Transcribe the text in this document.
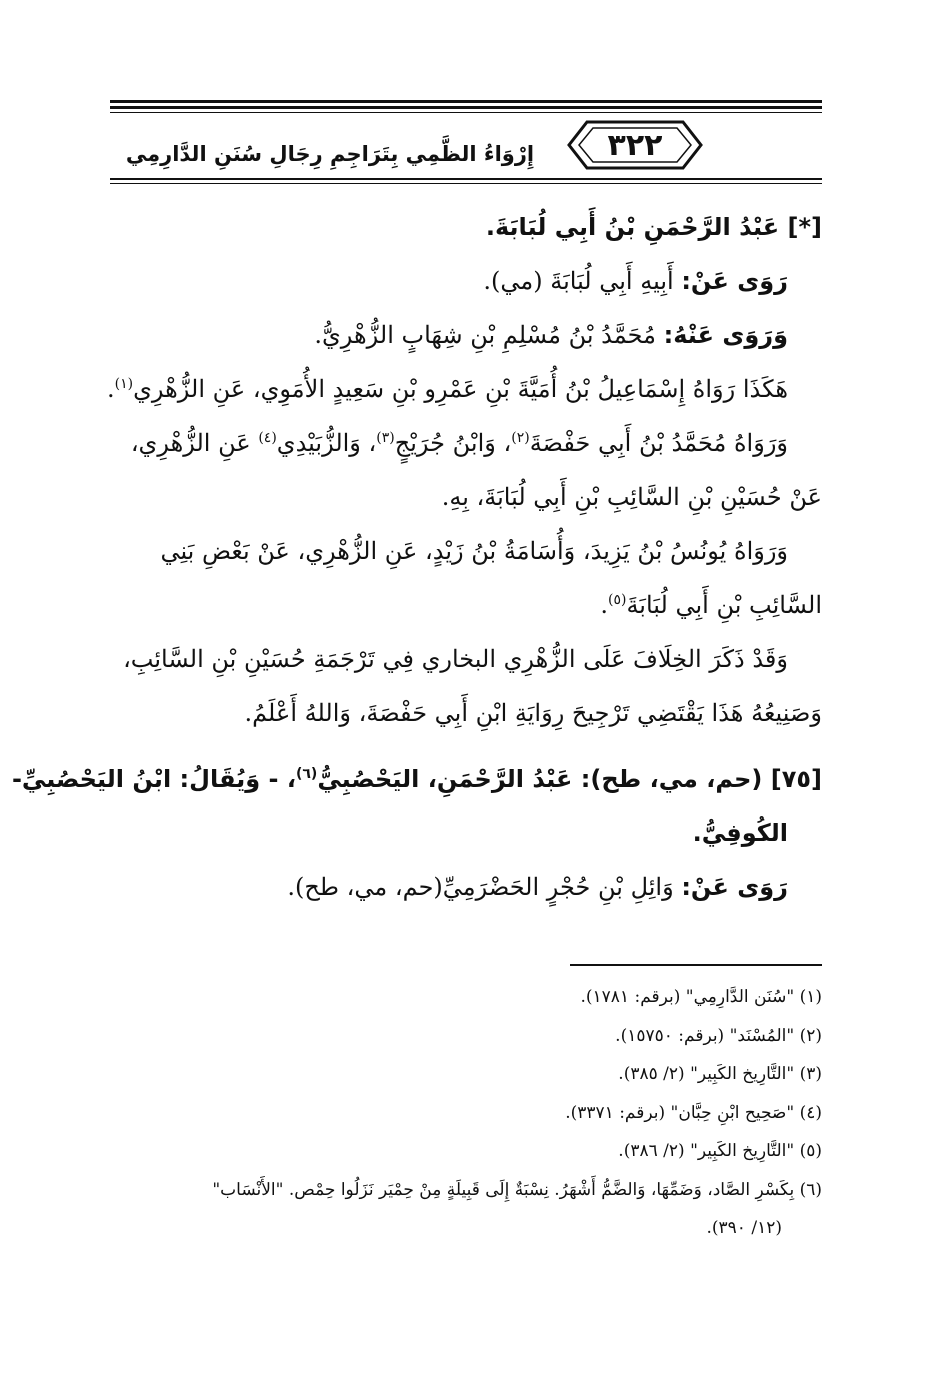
٣٢٢
إِرْوَاءُ الظَّمِي بِتَرَاجِمِ رِجَالِ سُنَنِ الدَّارِمِي
[*] عَبْدُ الرَّحْمَنِ بْنُ أَبِي لُبَابَةَ.
رَوَى عَنْ: أَبِيهِ أَبِي لُبَابَةَ (مي).
وَرَوَى عَنْهُ: مُحَمَّدُ بْنُ مُسْلِمِ بْنِ شِهَابٍ الزُّهْرِيُّ.
هَكَذَا رَوَاهُ إِسْمَاعِيلُ بْنُ أُمَيَّةَ بْنِ عَمْرِو بْنِ سَعِيدٍ الأُمَوِي، عَنِ الزُّهْرِي$^{(١)}$.
وَرَوَاهُ مُحَمَّدُ بْنُ أَبِي حَفْصَةَ$^{(٢)}$، وَابْنُ جُرَيْجٍ$^{(٣)}$، وَالزُّبَيْدِي$^{(٤)}$ عَنِ الزُّهْرِي،
عَنْ حُسَيْنِ بْنِ السَّائِبِ بْنِ أَبِي لُبَابَةَ، بِهِ.
وَرَوَاهُ يُونُسُ بْنُ يَزِيدَ، وَأُسَامَةُ بْنُ زَيْدٍ، عَنِ الزُّهْرِي، عَنْ بَعْضِ بَنِي
السَّائِبِ بْنِ أَبِي لُبَابَةَ$^{(٥)}$.
وَقَدْ ذَكَرَ الخِلَافَ عَلَى الزُّهْرِي البخاري فِي تَرْجَمَةِ حُسَيْنِ بْنِ السَّائِبِ،
وَصَنِيعُهُ هَذَا يَقْتَضِي تَرْجِيحَ رِوَايَةِ ابْنِ أَبِي حَفْصَةَ، وَاللهُ أَعْلَمُ.
[٧٥] (حم، مي، طح): عَبْدُ الرَّحْمَنِ، اليَحْصُبِيُّ$^{(٦)}$، - وَيُقَالُ: ابْنُ اليَحْصُبِيِّ-
الكُوفِيُّ.
رَوَى عَنْ: وَائِلِ بْنِ حُجْرٍ الحَضْرَمِيِّ(حم، مي، طح).
(١) "سُنَن الدَّارِمِي" (برقم: ١٧٨١).
(٢) "المُسْنَد" (برقم: ١٥٧٥٠).
(٣) "التَّارِيخ الكَبِير" (٢/ ٣٨٥).
(٤) "صَحِيح ابْنِ حِبَّان" (برقم: ٣٣٧١).
(٥) "التَّارِيخ الكَبِير" (٢/ ٣٨٦).
(٦) بِكَسْرِ الصَّاد، وَضَمِّهَا، وَالضَّمُّ أَشْهَرُ. نِسْبَةٌ إِلَى قَبِيلَةٍ مِنْ حِمْيَر نَزَلُوا حِمْص. "الأَنْسَاب"
(١٢/ ٣٩٠).
